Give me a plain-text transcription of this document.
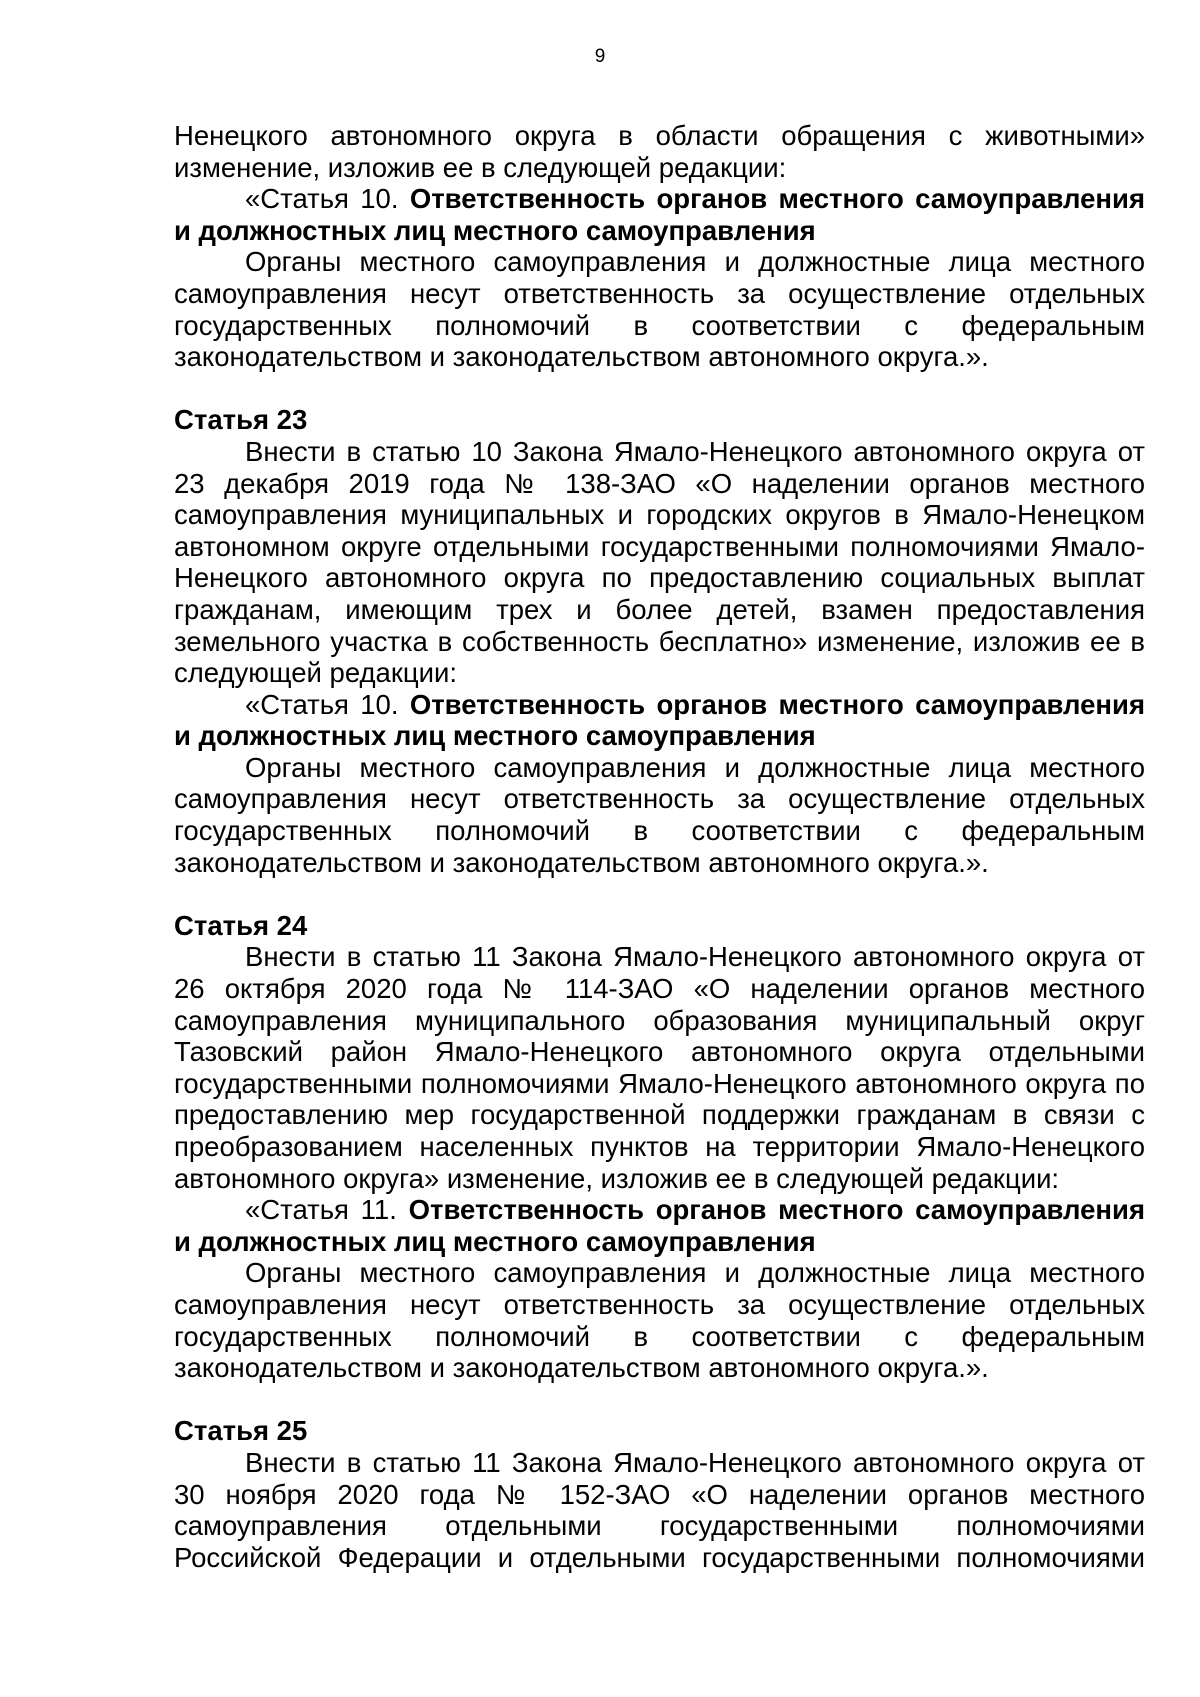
9

Ненецкого автономного округа в области обращения с животными» изменение, изложив ее в следующей редакции:

«Статья 10. Ответственность органов местного самоуправления и должностных лиц местного самоуправления

Органы местного самоуправления и должностные лица местного самоуправления несут ответственность за осуществление отдельных государственных полномочий в соответствии с федеральным законодательством и законодательством автономного округа.».

Статья 23

Внести в статью 10 Закона Ямало-Ненецкого автономного округа от 23 декабря 2019 года № 138-ЗАО «О наделении органов местного самоуправления муниципальных и городских округов в Ямало-Ненецком автономном округе отдельными государственными полномочиями Ямало-Ненецкого автономного округа по предоставлению социальных выплат гражданам, имеющим трех и более детей, взамен предоставления земельного участка в собственность бесплатно» изменение, изложив ее в следующей редакции:

«Статья 10. Ответственность органов местного самоуправления и должностных лиц местного самоуправления

Органы местного самоуправления и должностные лица местного самоуправления несут ответственность за осуществление отдельных государственных полномочий в соответствии с федеральным законодательством и законодательством автономного округа.».

Статья 24

Внести в статью 11 Закона Ямало-Ненецкого автономного округа от 26 октября 2020 года № 114-ЗАО «О наделении органов местного самоуправления муниципального образования муниципальный округ Тазовский район Ямало-Ненецкого автономного округа отдельными государственными полномочиями Ямало-Ненецкого автономного округа по предоставлению мер государственной поддержки гражданам в связи с преобразованием населенных пунктов на территории Ямало-Ненецкого автономного округа» изменение, изложив ее в следующей редакции:

«Статья 11. Ответственность органов местного самоуправления и должностных лиц местного самоуправления

Органы местного самоуправления и должностные лица местного самоуправления несут ответственность за осуществление отдельных государственных полномочий в соответствии с федеральным законодательством и законодательством автономного округа.».

Статья 25

Внести в статью 11 Закона Ямало-Ненецкого автономного округа от 30 ноября 2020 года № 152-ЗАО «О наделении органов местного самоуправления отдельными государственными полномочиями Российской Федерации и отдельными государственными полномочиями
